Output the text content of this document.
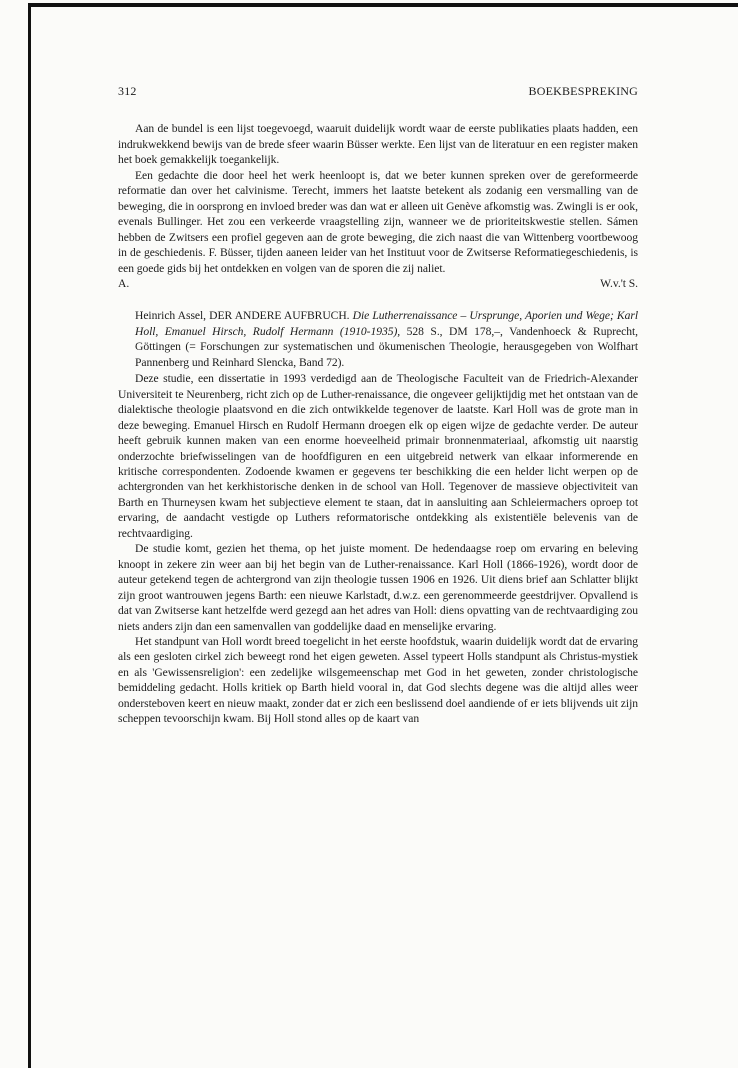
312	BOEKBESPREKING

Aan de bundel is een lijst toegevoegd, waaruit duidelijk wordt waar de eerste publikaties plaats hadden, een indrukwekkend bewijs van de brede sfeer waarin Büsser werkte. Een lijst van de literatuur en een register maken het boek gemakkelijk toegankelijk.

Een gedachte die door heel het werk heenloopt is, dat we beter kunnen spreken over de gereformeerde reformatie dan over het calvinisme. Terecht, immers het laatste betekent als zodanig een versmalling van de beweging, die in oorsprong en invloed breder was dan wat er alleen uit Genève afkomstig was. Zwingli is er ook, evenals Bullinger. Het zou een verkeerde vraagstelling zijn, wanneer we de prioriteitskwestie stellen. Sámen hebben de Zwitsers een profiel gegeven aan de grote beweging, die zich naast die van Wittenberg voortbewoog in de geschiedenis. F. Büsser, tijden aaneen leider van het Instituut voor de Zwitserse Reformatiegeschiedenis, is een goede gids bij het ontdekken en volgen van de sporen die zij naliet.

A.	W.v.'t S.
Heinrich Assel, DER ANDERE AUFBRUCH. Die Lutherrenaissance – Ursprunge, Aporien und Wege; Karl Holl, Emanuel Hirsch, Rudolf Hermann (1910-1935), 528 S., DM 178,–, Vandenhoeck & Ruprecht, Göttingen (= Forschungen zur systematischen und ökumenischen Theologie, herausgegeben von Wolfhart Pannenberg und Reinhard Slencka, Band 72).

Deze studie, een dissertatie in 1993 verdedigd aan de Theologische Faculteit van de Friedrich-Alexander Universiteit te Neurenberg, richt zich op de Luther-renaissance, die ongeveer gelijktijdig met het ontstaan van de dialektische theologie plaatsvond en die zich ontwikkelde tegenover de laatste. Karl Holl was de grote man in deze beweging. Emanuel Hirsch en Rudolf Hermann droegen elk op eigen wijze de gedachte verder. De auteur heeft gebruik kunnen maken van een enorme hoeveelheid primair bronnenmateriaal, afkomstig uit naarstig onderzochte briefwisselingen van de hoofdfiguren en een uitgebreid netwerk van elkaar informerende en kritische correspondenten. Zodoende kwamen er gegevens ter beschikking die een helder licht werpen op de achtergronden van het kerkhistorische denken in de school van Holl. Tegenover de massieve objectiviteit van Barth en Thurneysen kwam het subjectieve element te staan, dat in aansluiting aan Schleiermachers oproep tot ervaring, de aandacht vestigde op Luthers reformatorische ontdekking als existentiële belevenis van de rechtvaardiging.

De studie komt, gezien het thema, op het juiste moment. De hedendaagse roep om ervaring en beleving knoopt in zekere zin weer aan bij het begin van de Luther-renaissance. Karl Holl (1866-1926), wordt door de auteur getekend tegen de achtergrond van zijn theologie tussen 1906 en 1926. Uit diens brief aan Schlatter blijkt zijn groot wantrouwen jegens Barth: een nieuwe Karlstadt, d.w.z. een gerenommeerde geestdrijver. Opvallend is dat van Zwitserse kant hetzelfde werd gezegd aan het adres van Holl: diens opvatting van de rechtvaardiging zou niets anders zijn dan een samenvallen van goddelijke daad en menselijke ervaring.

Het standpunt van Holl wordt breed toegelicht in het eerste hoofdstuk, waarin duidelijk wordt dat de ervaring als een gesloten cirkel zich beweegt rond het eigen geweten. Assel typeert Holls standpunt als Christus-mystiek en als 'Gewissensreligion': een zedelijke wilsgemeenschap met God in het geweten, zonder christologische bemiddeling gedacht. Holls kritiek op Barth hield vooral in, dat God slechts degene was die altijd alles weer ondersteboven keert en nieuw maakt, zonder dat er zich een beslissend doel aandiende of er iets blijvends uit zijn scheppen tevoorschijn kwam. Bij Holl stond alles op de kaart van
